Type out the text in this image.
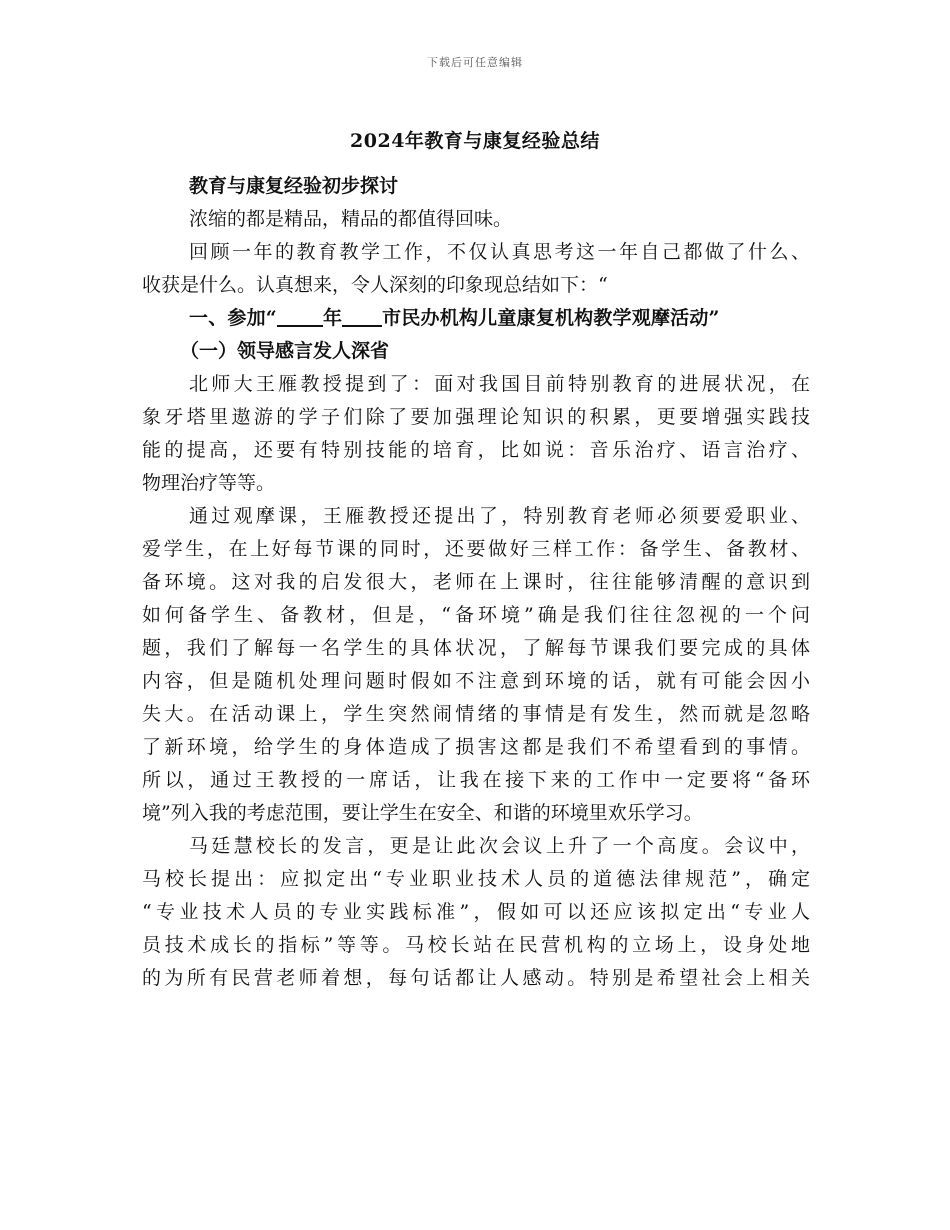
下载后可任意编辑
2024年教育与康复经验总结
教育与康复经验初步探讨
浓缩的都是精品，精品的都值得回味。
回顾一年的教育教学工作，不仅认真思考这一年自己都做了什么、
收获是什么。认真想来，令人深刻的印象现总结如下：“
一、参加“ 年 市民办机构儿童康复机构教学观摩活动”
（一）领导感言发人深省
北师大王雁教授提到了：面对我国目前特别教育的进展状况，在
象牙塔里遨游的学子们除了要加强理论知识的积累，更要增强实践技
能的提高，还要有特别技能的培育，比如说：音乐治疗、语言治疗、
物理治疗等等。
通过观摩课，王雁教授还提出了，特别教育老师必须要爱职业、
爱学生，在上好每节课的同时，还要做好三样工作：备学生、备教材、
备环境。这对我的启发很大，老师在上课时，往往能够清醒的意识到
如何备学生、备教材，但是，“备环境”确是我们往往忽视的一个问
题，我们了解每一名学生的具体状况，了解每节课我们要完成的具体
内容，但是随机处理问题时假如不注意到环境的话，就有可能会因小
失大。在活动课上，学生突然闹情绪的事情是有发生，然而就是忽略
了新环境，给学生的身体造成了损害这都是我们不希望看到的事情。
所以，通过王教授的一席话，让我在接下来的工作中一定要将“备环
境”列入我的考虑范围，要让学生在安全、和谐的环境里欢乐学习。
马廷慧校长的发言，更是让此次会议上升了一个高度。会议中，
马校长提出：应拟定出“专业职业技术人员的道德法律规范”，确定
“专业技术人员的专业实践标准”，假如可以还应该拟定出“专业人
员技术成长的指标”等等。马校长站在民营机构的立场上，设身处地
的为所有民营老师着想，每句话都让人感动。特别是希望社会上相关
